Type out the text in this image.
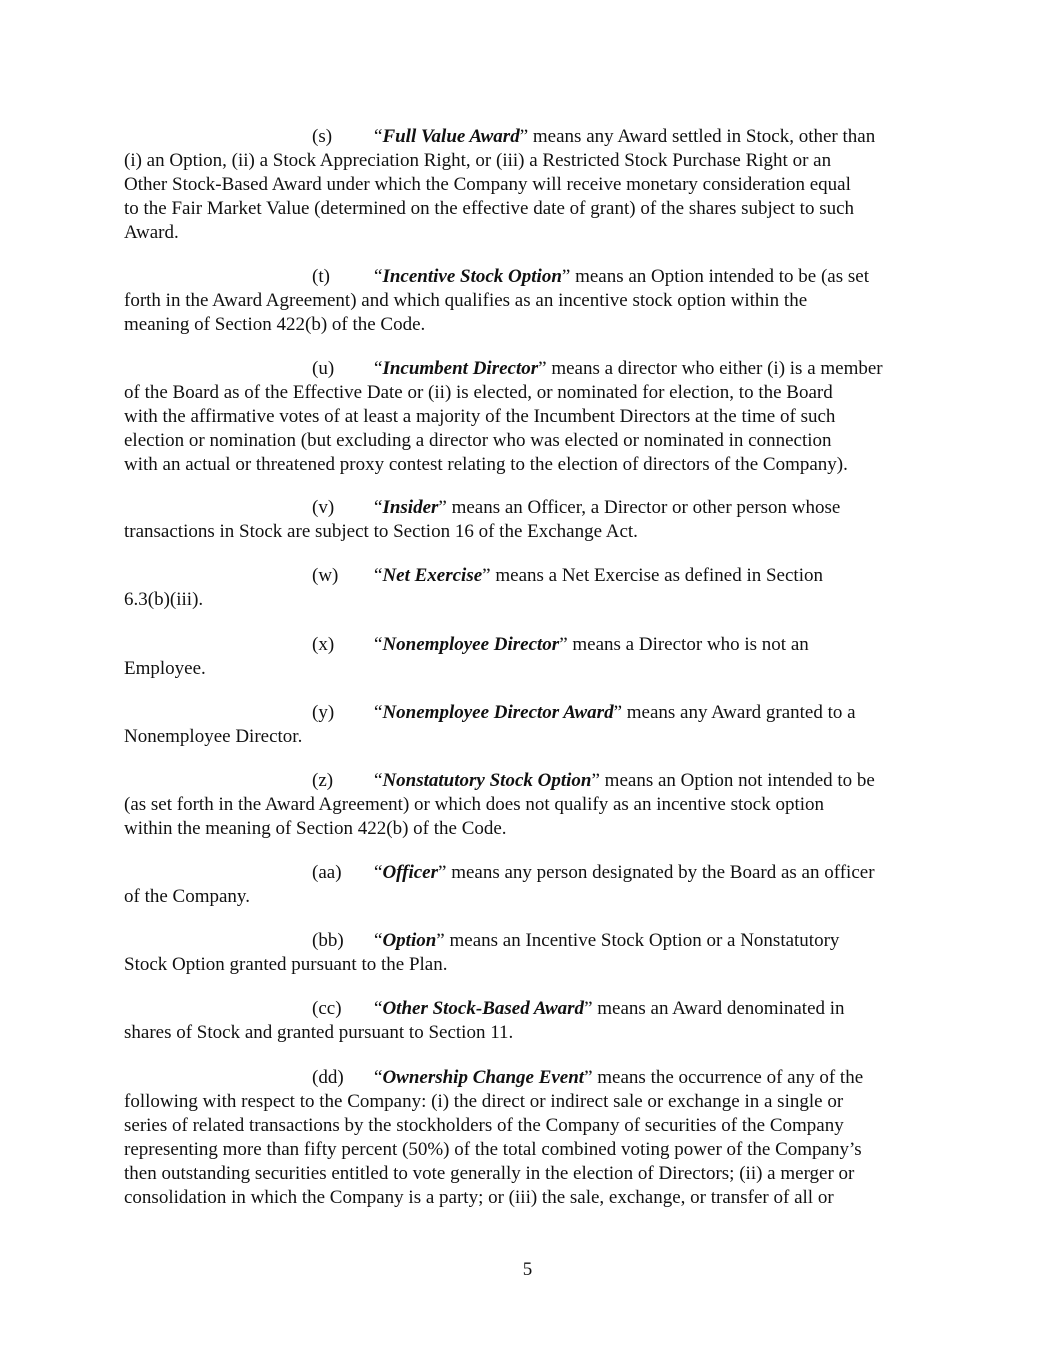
(s) “Full Value Award” means any Award settled in Stock, other than
(i) an Option, (ii) a Stock Appreciation Right, or (iii) a Restricted Stock Purchase Right or an
Other Stock-Based Award under which the Company will receive monetary consideration equal
to the Fair Market Value (determined on the effective date of grant) of the shares subject to such
Award.
(t) “Incentive Stock Option” means an Option intended to be (as set
forth in the Award Agreement) and which qualifies as an incentive stock option within the
meaning of Section 422(b) of the Code.
(u) “Incumbent Director” means a director who either (i) is a member
of the Board as of the Effective Date or (ii) is elected, or nominated for election, to the Board
with the affirmative votes of at least a majority of the Incumbent Directors at the time of such
election or nomination (but excluding a director who was elected or nominated in connection
with an actual or threatened proxy contest relating to the election of directors of the Company).
(v) “Insider” means an Officer, a Director or other person whose
transactions in Stock are subject to Section 16 of the Exchange Act.
(w) “Net Exercise” means a Net Exercise as defined in Section
6.3(b)(iii).
(x) “Nonemployee Director” means a Director who is not an
Employee.
(y) “Nonemployee Director Award” means any Award granted to a
Nonemployee Director.
(z) “Nonstatutory Stock Option” means an Option not intended to be
(as set forth in the Award Agreement) or which does not qualify as an incentive stock option
within the meaning of Section 422(b) of the Code.
(aa) “Officer” means any person designated by the Board as an officer
of the Company.
(bb) “Option” means an Incentive Stock Option or a Nonstatutory
Stock Option granted pursuant to the Plan.
(cc) “Other Stock-Based Award” means an Award denominated in
shares of Stock and granted pursuant to Section 11.
(dd) “Ownership Change Event” means the occurrence of any of the
following with respect to the Company: (i) the direct or indirect sale or exchange in a single or
series of related transactions by the stockholders of the Company of securities of the Company
representing more than fifty percent (50%) of the total combined voting power of the Company’s
then outstanding securities entitled to vote generally in the election of Directors; (ii) a merger or
consolidation in which the Company is a party; or (iii) the sale, exchange, or transfer of all or
5
